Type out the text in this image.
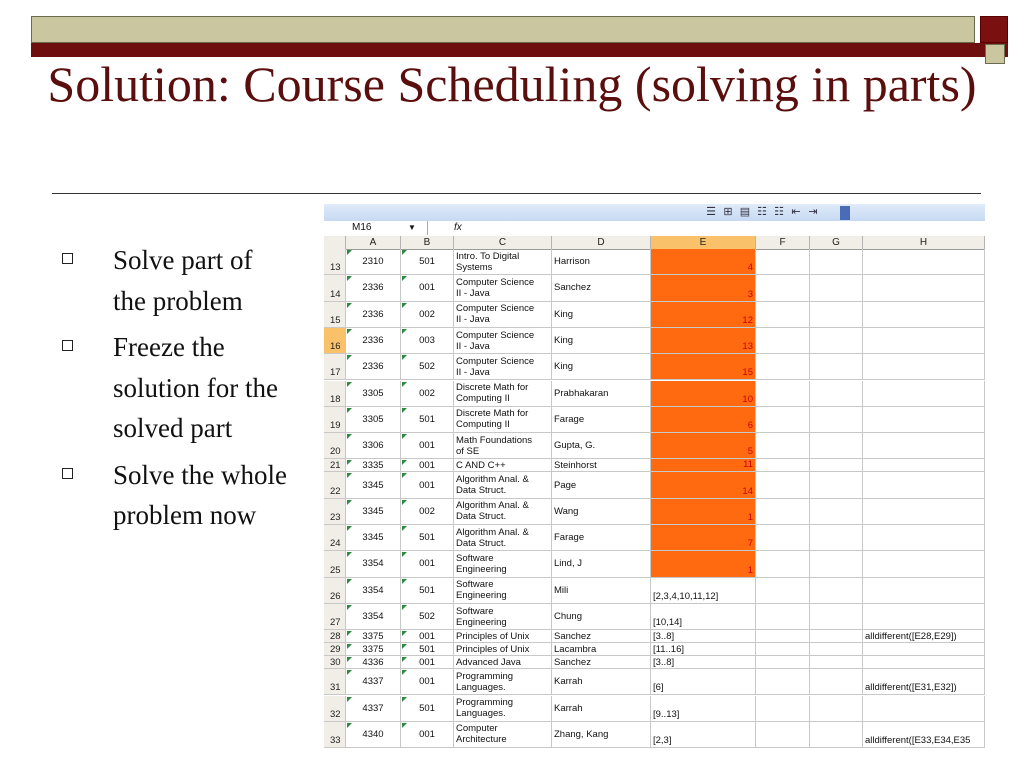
Solution: Course Scheduling (solving in parts)
Solve part of the problem
Freeze the solution for the solved part
Solve the whole problem now
☰ ⊞ ▤ ☷ ☷ ⇤ ⇥
M16	▼	fx
A	B	C	D	E	F	G	H
13
2310	501	Intro. To Digital
Systems	Harrison
4
14
2336	001	Computer Science
II - Java	Sanchez
3
15
2336	002	Computer Science
II - Java	King
12
16
2336	003	Computer Science
II - Java	King
13
17
2336	502	Computer Science
II - Java	King
15
18
3305	002	Discrete Math for
Computing II	Prabhakaran
10
19
3305	501	Discrete Math for
Computing II	Farage
6
20
3306	001	Math Foundations
of SE	Gupta, G.
5
21	3335	001	C AND C++	Steinhorst	11
22
3345	001	Algorithm Anal. &
Data Struct.	Page
14
23
3345	002	Algorithm Anal. &
Data Struct.	Wang
1
24
3345	501	Algorithm Anal. &
Data Struct.	Farage
7
25
3354	001	Software
Engineering	Lind, J
1
26
3354	501	Software
Engineering	Mili
[2,3,4,10,11,12]
27
3354	502	Software
Engineering	Chung
[10,14]
28	3375	001	Principles of Unix	Sanchez	[3..8]	alldifferent([E28,E29])
29	3375	501	Principles of Unix	Lacambra	[11..16]
30	4336	001	Advanced Java	Sanchez	[3..8]
31
4337	001	Programming
Languages.	Karrah
[6]	alldifferent([E31,E32])
32
4337	501	Programming
Languages.	Karrah
[9..13]
33
4340	001	Computer
Architecture	Zhang, Kang
[2,3]	alldifferent([E33,E34,E35
